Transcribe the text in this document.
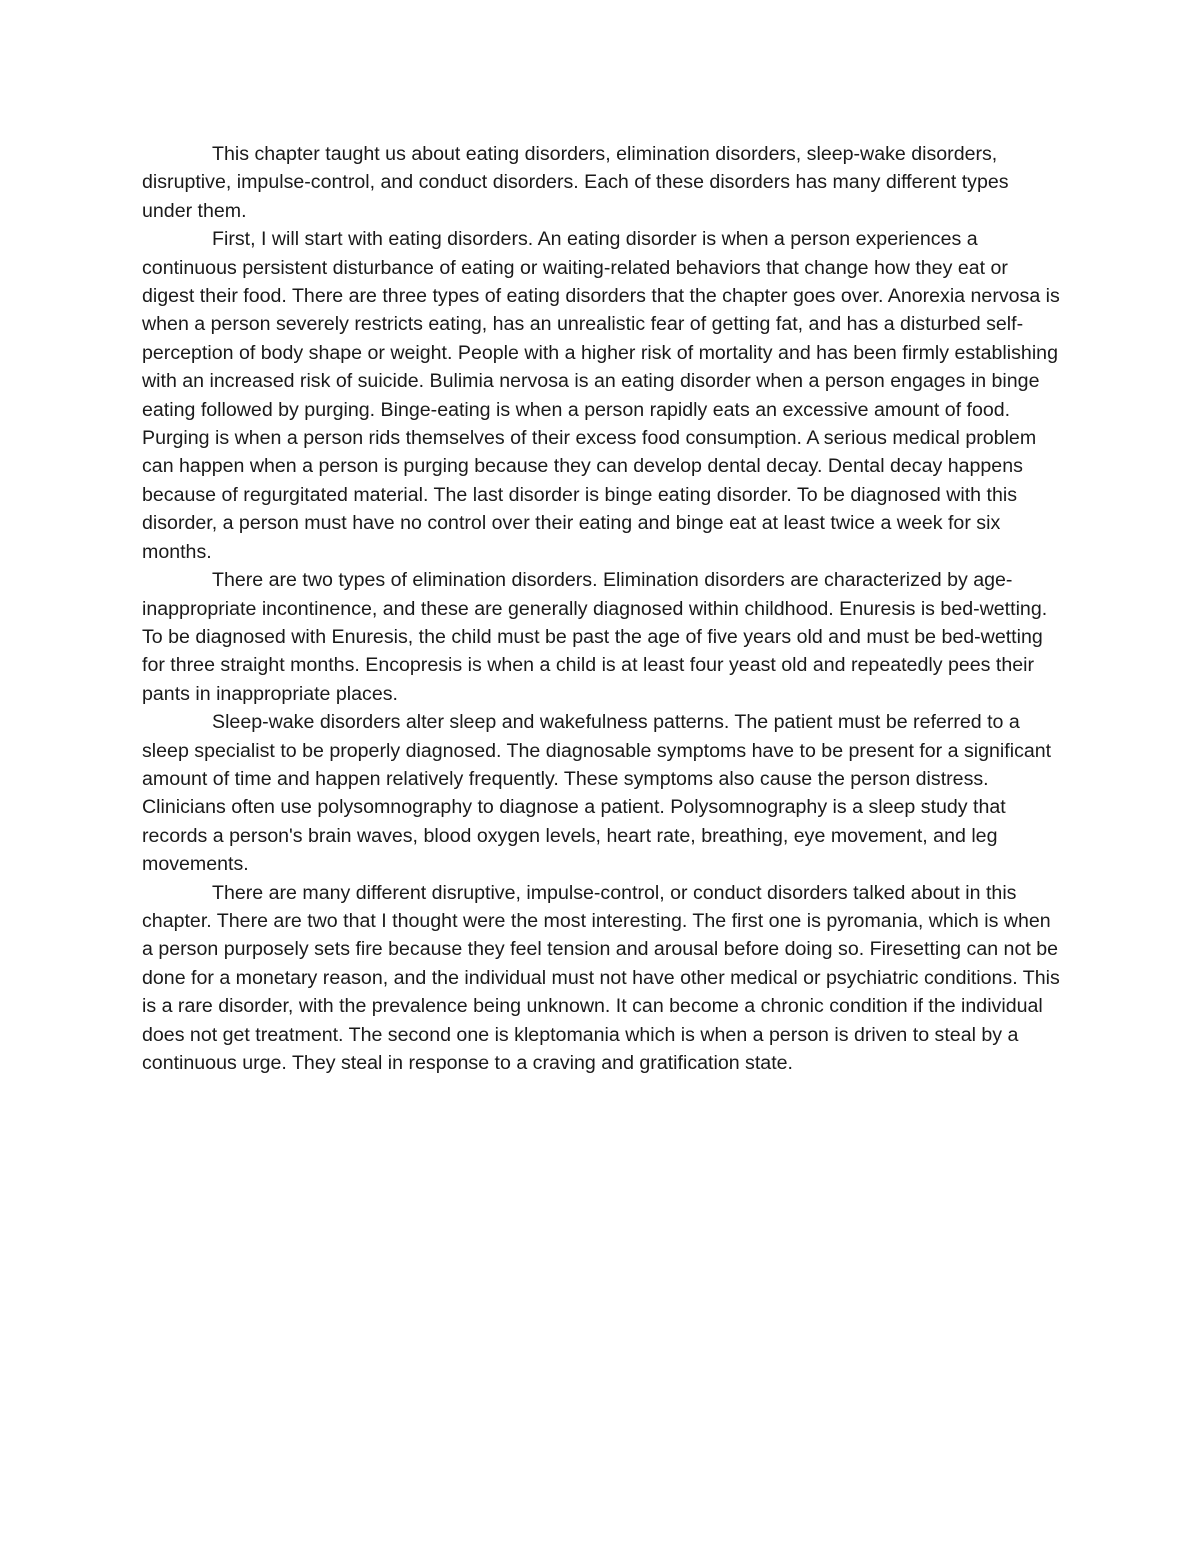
This chapter taught us about eating disorders, elimination disorders, sleep-wake disorders, disruptive, impulse-control, and conduct disorders. Each of these disorders has many different types under them.

First, I will start with eating disorders. An eating disorder is when a person experiences a continuous persistent disturbance of eating or waiting-related behaviors that change how they eat or digest their food. There are three types of eating disorders that the chapter goes over. Anorexia nervosa is when a person severely restricts eating, has an unrealistic fear of getting fat, and has a disturbed self-perception of body shape or weight. People with a higher risk of mortality and has been firmly establishing with an increased risk of suicide. Bulimia nervosa is an eating disorder when a person engages in binge eating followed by purging. Binge-eating is when a person rapidly eats an excessive amount of food. Purging is when a person rids themselves of their excess food consumption. A serious medical problem can happen when a person is purging because they can develop dental decay. Dental decay happens because of regurgitated material. The last disorder is binge eating disorder. To be diagnosed with this disorder, a person must have no control over their eating and binge eat at least twice a week for six months.

There are two types of elimination disorders. Elimination disorders are characterized by age-inappropriate incontinence, and these are generally diagnosed within childhood. Enuresis is bed-wetting. To be diagnosed with Enuresis, the child must be past the age of five years old and must be bed-wetting for three straight months. Encopresis is when a child is at least four yeast old and repeatedly pees their pants in inappropriate places.

Sleep-wake disorders alter sleep and wakefulness patterns. The patient must be referred to a sleep specialist to be properly diagnosed. The diagnosable symptoms have to be present for a significant amount of time and happen relatively frequently. These symptoms also cause the person distress. Clinicians often use polysomnography to diagnose a patient. Polysomnography is a sleep study that records a person's brain waves, blood oxygen levels, heart rate, breathing, eye movement, and leg movements.

There are many different disruptive, impulse-control, or conduct disorders talked about in this chapter. There are two that I thought were the most interesting. The first one is pyromania, which is when a person purposely sets fire because they feel tension and arousal before doing so. Firesetting can not be done for a monetary reason, and the individual must not have other medical or psychiatric conditions. This is a rare disorder, with the prevalence being unknown. It can become a chronic condition if the individual does not get treatment. The second one is kleptomania which is when a person is driven to steal by a continuous urge. They steal in response to a craving and gratification state.
